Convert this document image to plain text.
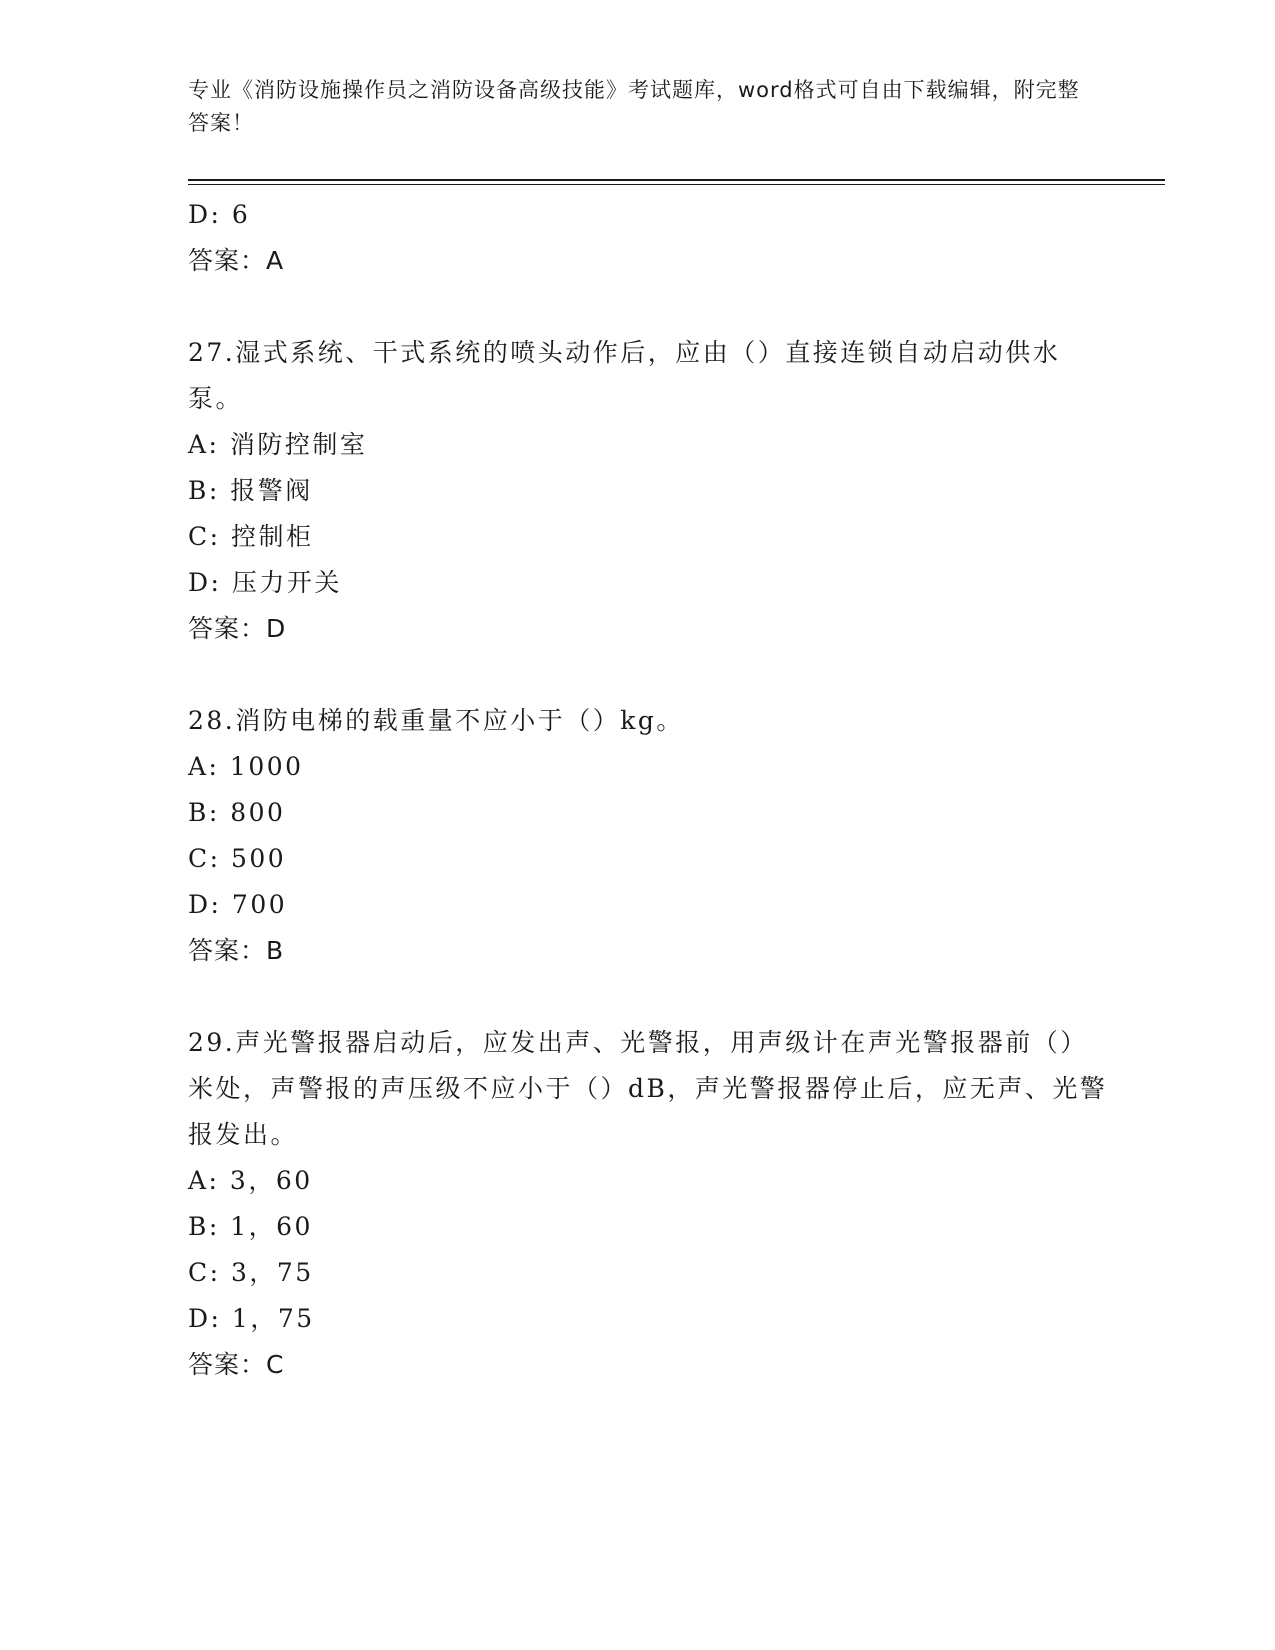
专业《消防设施操作员之消防设备高级技能》考试题库，word格式可自由下载编辑，附完整答案！
D: 6
答案：A
27.湿式系统、干式系统的喷头动作后，应由（）直接连锁自动启动供水泵。
A: 消防控制室
B: 报警阀
C: 控制柜
D: 压力开关
答案：D
28.消防电梯的载重量不应小于（）kg。
A: 1000
B: 800
C: 500
D: 700
答案：B
29.声光警报器启动后，应发出声、光警报，用声级计在声光警报器前（）米处，声警报的声压级不应小于（）dB，声光警报器停止后，应无声、光警报发出。
A: 3，60
B: 1，60
C: 3，75
D: 1，75
答案：C
